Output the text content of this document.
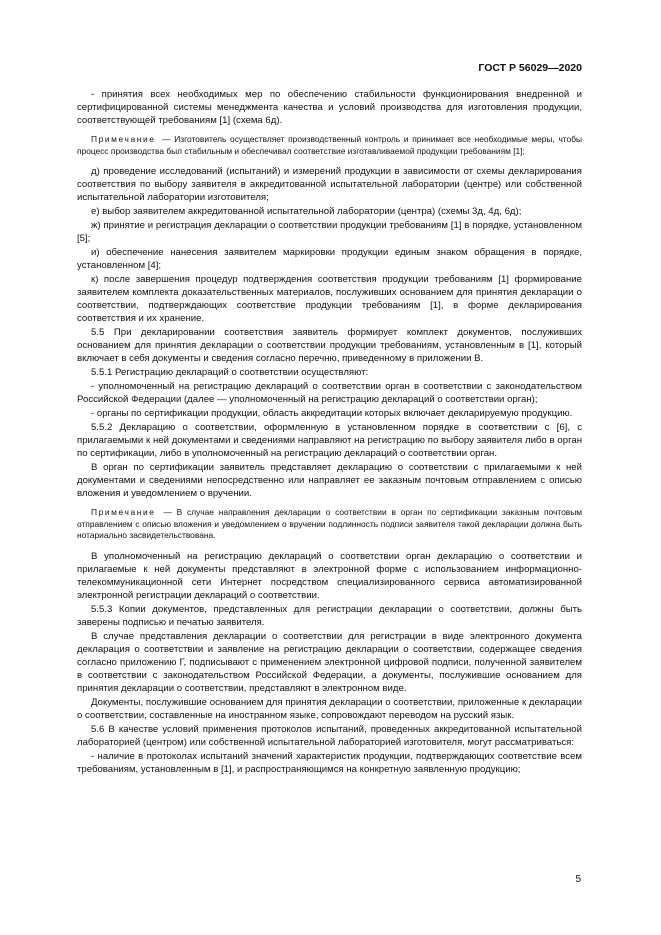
ГОСТ Р 56029—2020

- принятия всех необходимых мер по обеспечению стабильности функционирования внедренной и сертифицированной системы менеджмента качества и условий производства для изготовления продукции, соответствующей требованиям [1] (схема 6д).

Примечание — Изготовитель осуществляет производственный контроль и принимает все необходимые меры, чтобы процесс производства был стабильным и обеспечивал соответствие изготавливаемой продукции требованиям [1];

д) проведение исследований (испытаний) и измерений продукции в зависимости от схемы декларирования соответствия по выбору заявителя в аккредитованной испытательной лаборатории (центре) или собственной испытательной лаборатории изготовителя;

е) выбор заявителем аккредитованной испытательной лаборатории (центра) (схемы 3д, 4д, 6д);

ж) принятие и регистрация декларации о соответствии продукции требованиям [1] в порядке, установленном [5];

и) обеспечение нанесения заявителем маркировки продукции единым знаком обращения в порядке, установленном [4];

к) после завершения процедур подтверждения соответствия продукции требованиям [1] формирование заявителем комплекта доказательственных материалов, послуживших основанием для принятия декларации о соответствии, подтверждающих соответствие продукции требованиям [1], в форме декларирования соответствия и их хранение.

5.5 При декларировании соответствия заявитель формирует комплект документов, послуживших основанием для принятия декларации о соответствии продукции требованиям, установленным в [1], который включает в себя документы и сведения согласно перечню, приведенному в приложении В.

5.5.1 Регистрацию деклараций о соответствии осуществляют:

- уполномоченный на регистрацию деклараций о соответствии орган в соответствии с законодательством Российской Федерации (далее — уполномоченный на регистрацию деклараций о соответствии орган);

- органы по сертификации продукции, область аккредитации которых включает декларируемую продукцию.

5.5.2 Декларацию о соответствии, оформленную в установленном порядке в соответствии с [6], с прилагаемыми к ней документами и сведениями направляют на регистрацию по выбору заявителя либо в орган по сертификации, либо в уполномоченный на регистрацию деклараций о соответствии орган.

В орган по сертификации заявитель представляет декларацию о соответствии с прилагаемыми к ней документами и сведениями непосредственно или направляет ее заказным почтовым отправлением с описью вложения и уведомлением о вручении.

Примечание — В случае направления декларации о соответствии в орган по сертификации заказным почтовым отправлением с описью вложения и уведомлением о вручении подлинность подписи заявителя такой декларации должна быть нотариально засвидетельствована.

В уполномоченный на регистрацию деклараций о соответствии орган декларацию о соответствии и прилагаемые к ней документы представляют в электронной форме с использованием информационно-телекоммуникационной сети Интернет посредством специализированного сервиса автоматизированной электронной регистрации деклараций о соответствии.

5.5.3 Копии документов, представленных для регистрации декларации о соответствии, должны быть заверены подписью и печатью заявителя.

В случае представления декларации о соответствии для регистрации в виде электронного документа декларация о соответствии и заявление на регистрацию декларации о соответствии, содержащее сведения согласно приложению Г, подписывают с применением электронной цифровой подписи, полученной заявителем в соответствии с законодательством Российской Федерации, а документы, послужившие основанием для принятия декларации о соответствии, представляют в электронном виде.

Документы, послужившие основанием для принятия декларации о соответствии, приложенные к декларации о соответствии, составленные на иностранном языке, сопровождают переводом на русский язык.

5.6 В качестве условий применения протоколов испытаний, проведенных аккредитованной испытательной лабораторией (центром) или собственной испытательной лабораторией изготовителя, могут рассматриваться:

- наличие в протоколах испытаний значений характеристик продукции, подтверждающих соответствие всем требованиям, установленным в [1], и распространяющимся на конкретную заявленную продукцию;

5
